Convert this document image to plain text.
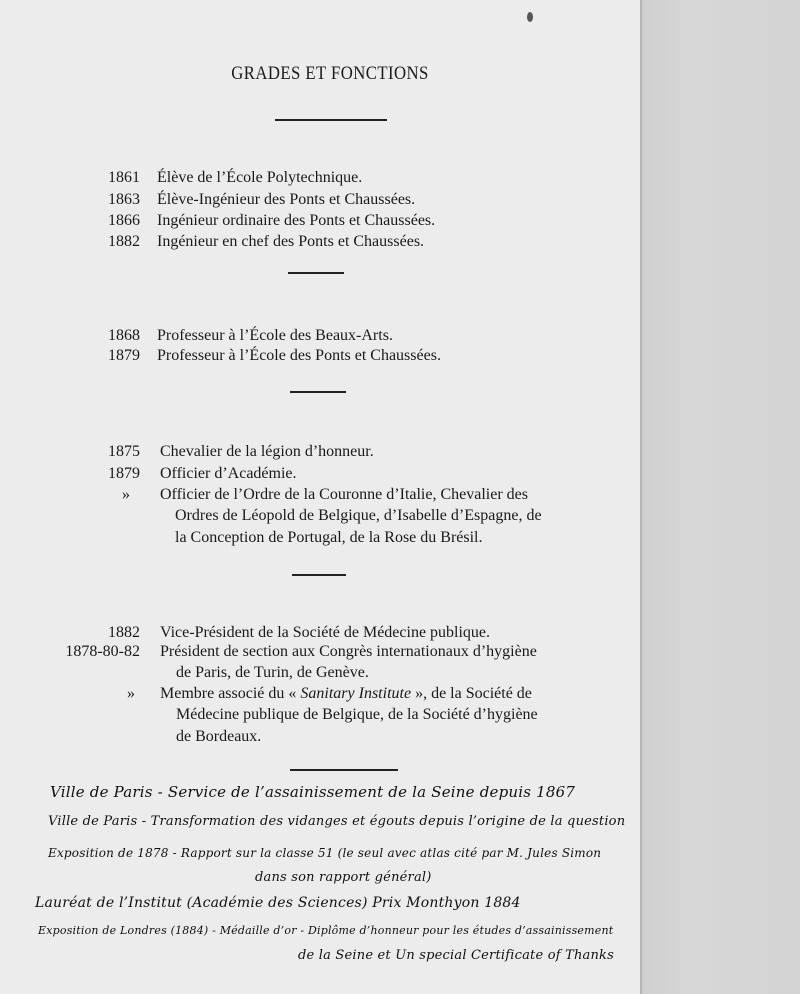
GRADES ET FONCTIONS
1861 Élève de l’École Polytechnique.
1863 Élève-Ingénieur des Ponts et Chaussées.
1866 Ingénieur ordinaire des Ponts et Chaussées.
1882 Ingénieur en chef des Ponts et Chaussées.
1868 Professeur à l’École des Beaux-Arts.
1879 Professeur à l’École des Ponts et Chaussées.
1875 Chevalier de la légion d’honneur.
1879 Officier d’Académie.
» Officier de l’Ordre de la Couronne d’Italie, Chevalier des
Ordres de Léopold de Belgique, d’Isabelle d’Espagne, de
la Conception de Portugal, de la Rose du Brésil.
1882 Vice-Président de la Société de Médecine publique.
1878-80-82 Président de section aux Congrès internationaux d’hygiène
de Paris, de Turin, de Genève.
» Membre associé du « Sanitary Institute », de la Société de
Médecine publique de Belgique, de la Société d’hygiène
de Bordeaux.
Ville de Paris - Service de l’assainissement de la Seine depuis 1867
Ville de Paris - Transformation des vidanges et égouts depuis l’origine de la question
Exposition de 1878 - Rapport sur la classe 51 (le seul avec atlas cité par M. Jules Simon
dans son rapport général)
Lauréat de l’Institut (Académie des Sciences) Prix Monthyon 1884
Exposition de Londres (1884) - Médaille d’or - Diplôme d’honneur pour les études d’assainissement
de la Seine et Un special Certificate of Thanks
